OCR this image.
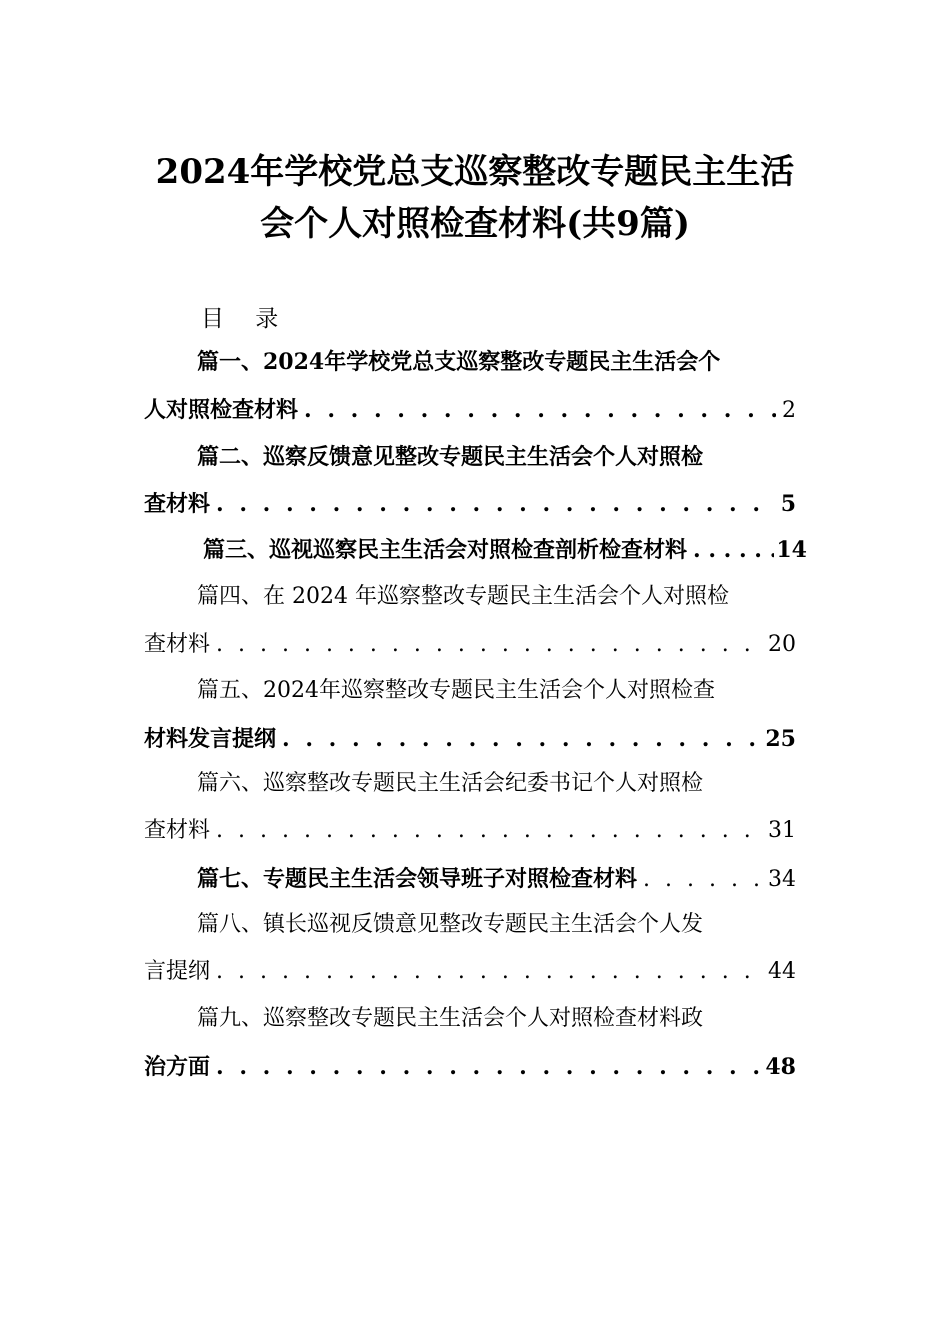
2024年学校党总支巡察整改专题民主生活
会个人对照检查材料(共9篇)
目 录
篇一、2024年学校党总支巡察整改专题民主生活会个
人对照检查材料 . . .	2
篇二、巡察反馈意见整改专题民主生活会个人对照检
查材料 . . .	5
篇三、巡视巡察民主生活会对照检查剖析检查材料 . . .	14
篇四、在 2024 年巡察整改专题民主生活会个人对照检
查材料 . . .	20
篇五、2024年巡察整改专题民主生活会个人对照检查
材料发言提纲 . . .	25
篇六、巡察整改专题民主生活会纪委书记个人对照检
查材料 . . .	31
篇七、专题民主生活会领导班子对照检查材料 . . .	34
篇八、镇长巡视反馈意见整改专题民主生活会个人发
言提纲 . . .	44
篇九、巡察整改专题民主生活会个人对照检查材料政
治方面 . . .	48
